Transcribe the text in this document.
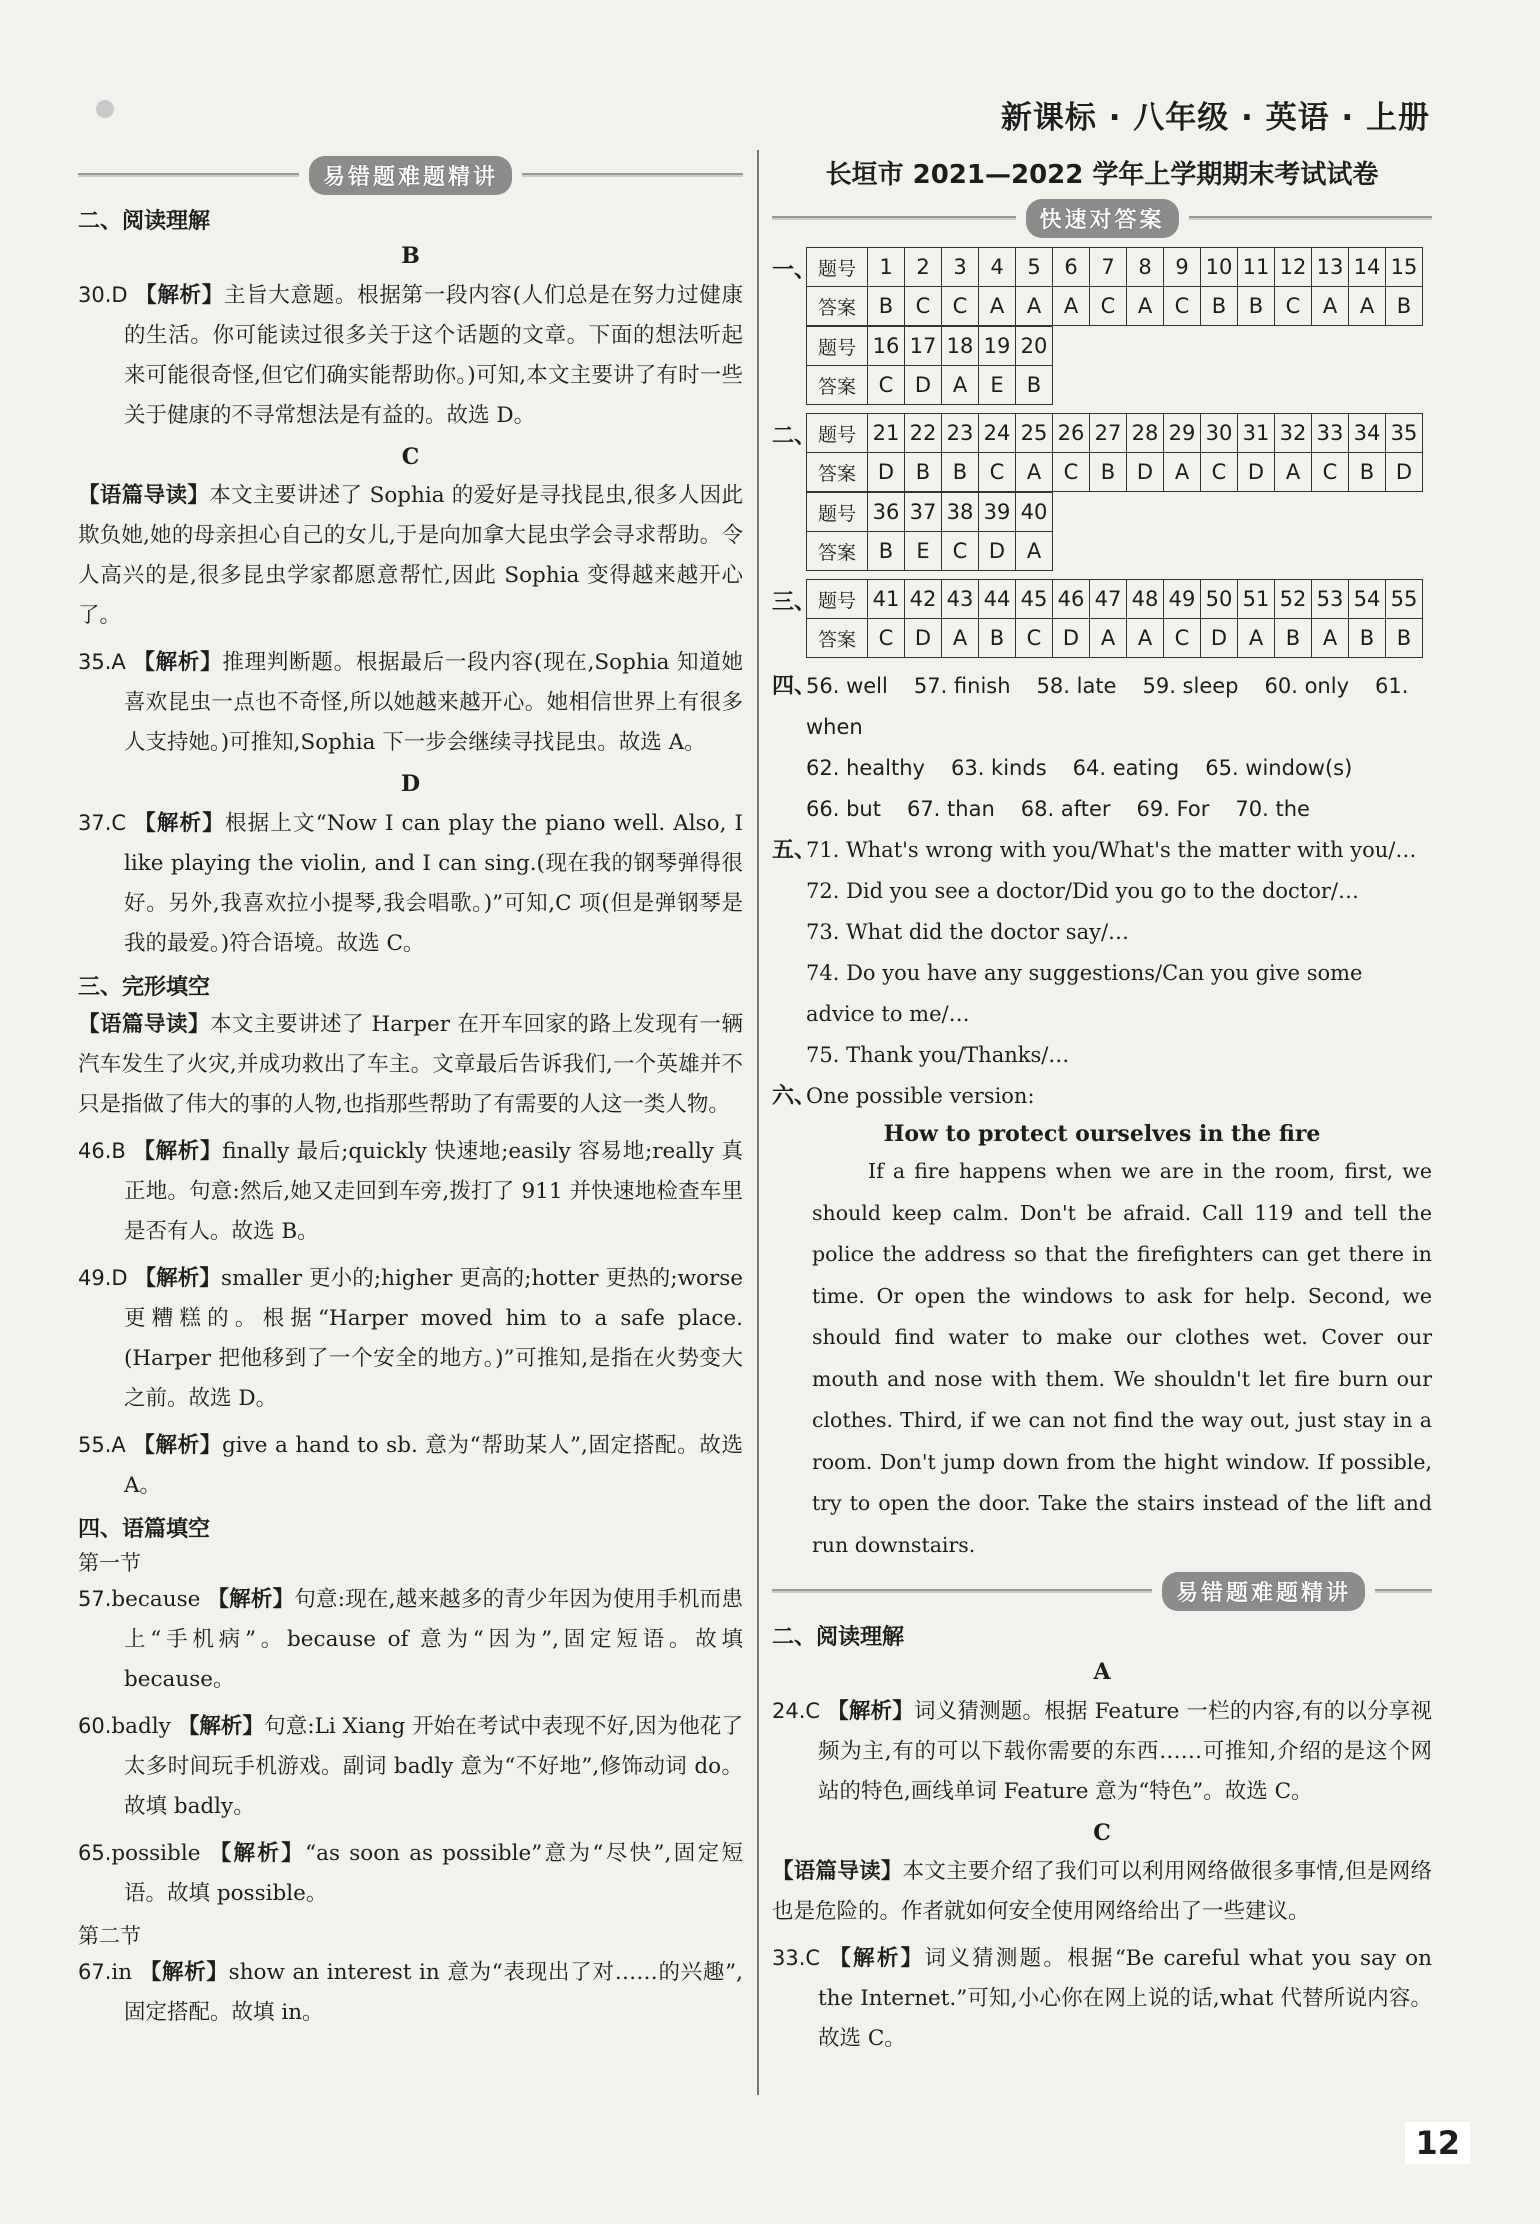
新课标 · 八年级 · 英语 · 上册
易错题难题精讲
二、阅读理解
B

30.D 【解析】主旨大意题。根据第一段内容(人们总是在努力过健康的生活。你可能读过很多关于这个话题的文章。下面的想法听起来可能很奇怪,但它们确实能帮助你。)可知,本文主要讲了有时一些关于健康的不寻常想法是有益的。故选 D。

C

【语篇导读】本文主要讲述了 Sophia 的爱好是寻找昆虫,很多人因此欺负她,她的母亲担心自己的女儿,于是向加拿大昆虫学会寻求帮助。令人高兴的是,很多昆虫学家都愿意帮忙,因此 Sophia 变得越来越开心了。

35.A 【解析】推理判断题。根据最后一段内容(现在,Sophia 知道她喜欢昆虫一点也不奇怪,所以她越来越开心。她相信世界上有很多人支持她。)可推知,Sophia 下一步会继续寻找昆虫。故选 A。

D

37.C 【解析】根据上文“Now I can play the piano well. Also, I like playing the violin, and I can sing.(现在我的钢琴弹得很好。另外,我喜欢拉小提琴,我会唱歌。)”可知,C 项(但是弹钢琴是我的最爱。)符合语境。故选 C。

三、完形填空

【语篇导读】本文主要讲述了 Harper 在开车回家的路上发现有一辆汽车发生了火灾,并成功救出了车主。文章最后告诉我们,一个英雄并不只是指做了伟大的事的人物,也指那些帮助了有需要的人这一类人物。

46.B 【解析】finally 最后;quickly 快速地;easily 容易地;really 真正地。句意:然后,她又走回到车旁,拨打了 911 并快速地检查车里是否有人。故选 B。

49.D 【解析】smaller 更小的;higher 更高的;hotter 更热的;worse 更糟糕的。根据“Harper moved him to a safe place.(Harper 把他移到了一个安全的地方。)”可推知,是指在火势变大之前。故选 D。

55.A 【解析】give a hand to sb. 意为“帮助某人”,固定搭配。故选 A。

四、语篇填空
第一节

57.because 【解析】句意:现在,越来越多的青少年因为使用手机而患上“手机病”。because of 意为“因为”,固定短语。故填 because。

60.badly 【解析】句意:Li Xiang 开始在考试中表现不好,因为他花了太多时间玩手机游戏。副词 badly 意为“不好地”,修饰动词 do。故填 badly。

65.possible 【解析】“as soon as possible”意为“尽快”,固定短语。故填 possible。

第二节

67.in 【解析】show an interest in 意为“表现出了对……的兴趣”,固定搭配。故填 in。

长垣市 2021—2022 学年上学期期末考试试卷
快速对答案
一、 题号	1	2	3	4	5	6	7	8	9	10	11	12	13	14	15
答案	B	C	C	A	A	A	C	A	C	B	B	C	A	A	B
题号	16	17	18	19	20
答案	C	D	A	E	B
二、 题号	21	22	23	24	25	26	27	28	29	30	31	32	33	34	35
答案	D	B	B	C	A	C	B	D	A	C	D	A	C	B	D
题号	36	37	38	39	40
答案	B	E	C	D	A
三、 题号	41	42	43	44	45	46	47	48	49	50	51	52	53	54	55
答案	C	D	A	B	C	D	A	A	C	D	A	B	A	B	B
四、
56. well 57. finish 58. late 59. sleep 60. only 61. when
62. healthy 63. kinds 64. eating 65. window(s)
66. but 67. than 68. after 69. For 70. the
五、
71. What's wrong with you/What's the matter with you/…
72. Did you see a doctor/Did you go to the doctor/…
73. What did the doctor say/…
74. Do you have any suggestions/Can you give some advice to me/…
75. Thank you/Thanks/…
六、
One possible version:
How to protect ourselves in the fire

If a fire happens when we are in the room, first, we should keep calm. Don't be afraid. Call 119 and tell the police the address so that the firefighters can get there in time. Or open the windows to ask for help. Second, we should find water to make our clothes wet. Cover our mouth and nose with them. We shouldn't let fire burn our clothes. Third, if we can not find the way out, just stay in a room. Don't jump down from the hight window. If possible, try to open the door. Take the stairs instead of the lift and run downstairs.

易错题难题精讲
二、阅读理解
A

24.C 【解析】词义猜测题。根据 Feature 一栏的内容,有的以分享视频为主,有的可以下载你需要的东西……可推知,介绍的是这个网站的特色,画线单词 Feature 意为“特色”。故选 C。

C

【语篇导读】本文主要介绍了我们可以利用网络做很多事情,但是网络也是危险的。作者就如何安全使用网络给出了一些建议。

33.C 【解析】词义猜测题。根据“Be careful what you say on the Internet.”可知,小心你在网上说的话,what 代替所说内容。故选 C。

12
